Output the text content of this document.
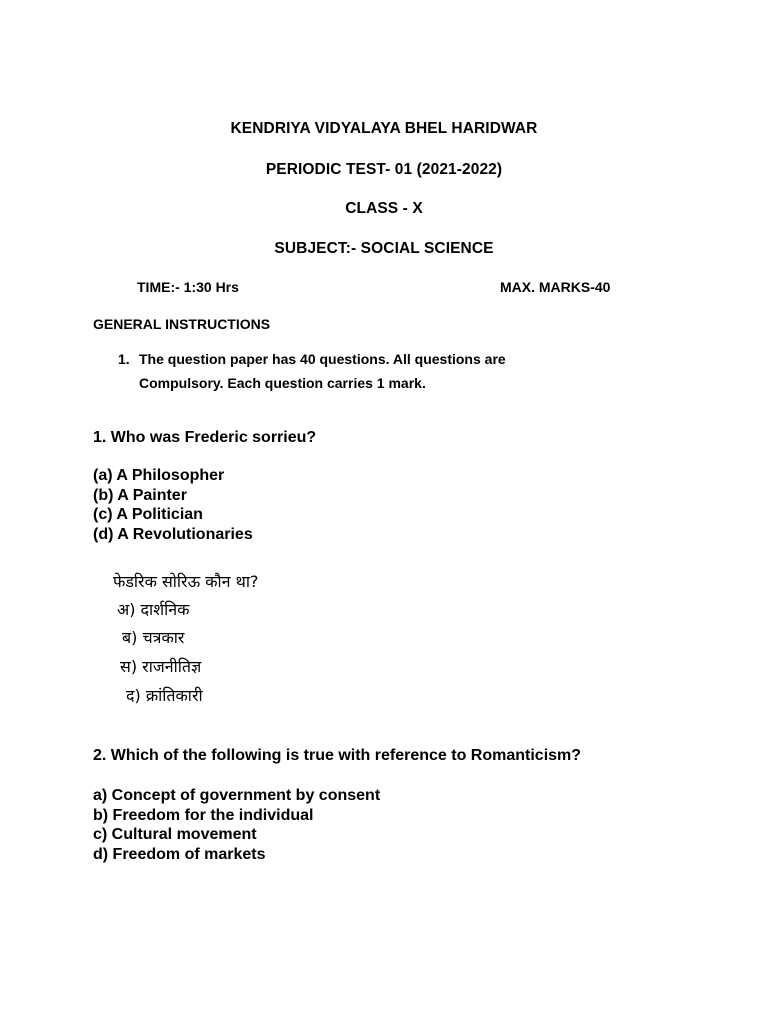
KENDRIYA VIDYALAYA BHEL HARIDWAR
PERIODIC TEST- 01 (2021-2022)
CLASS - X
SUBJECT:- SOCIAL SCIENCE
TIME:- 1:30 Hrs	MAX. MARKS-40
GENERAL INSTRUCTIONS
1. The question paper has 40 questions. All questions are
Compulsory. Each question carries 1 mark.
1. Who was Frederic sorrieu?
(a) A Philosopher
(b) A Painter
(c) A Politician
(d) A Revolutionaries
फेडरिक सोरिऊ कौन था?
अ) दार्शनिक
ब) चत्रकार
स) राजनीतिज्ञ
द) क्रांतिकारी
2. Which of the following is true with reference to Romanticism?
a) Concept of government by consent
b) Freedom for the individual
c) Cultural movement
d) Freedom of markets
